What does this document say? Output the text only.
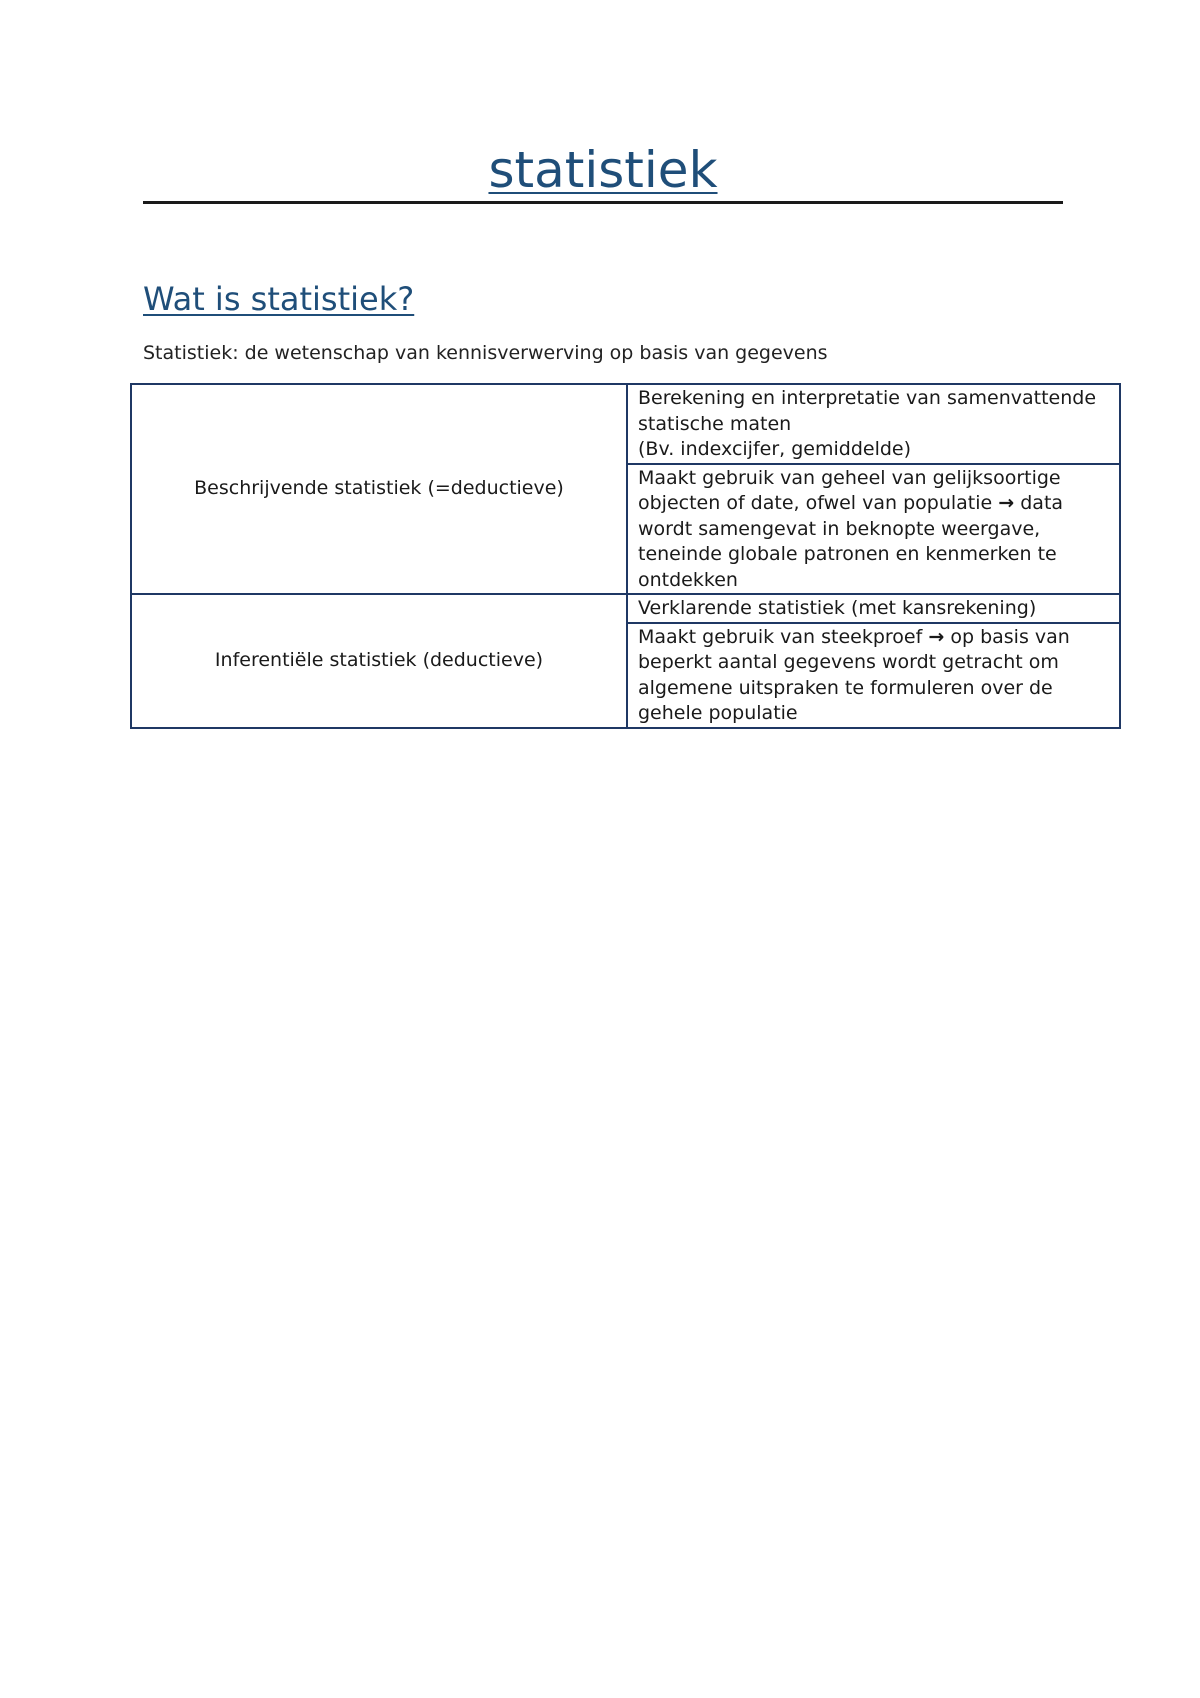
statistiek
Wat is statistiek?

Statistiek: de wetenschap van kennisverwerving op basis van gegevens

Beschrijvende statistiek (=deductieve)	Berekening en interpretatie van samenvattende
statische maten
(Bv. indexcijfer, gemiddelde)

	Maakt gebruik van geheel van gelijksoortige
objecten of date, ofwel van populatie → data
wordt samengevat in beknopte weergave,
teneinde globale patronen en kenmerken te
ontdekken

Inferentiële statistiek (deductieve)	Verklarende statistiek (met kansrekening)

	Maakt gebruik van steekproef → op basis van
beperkt aantal gegevens wordt getracht om
algemene uitspraken te formuleren over de
gehele populatie
